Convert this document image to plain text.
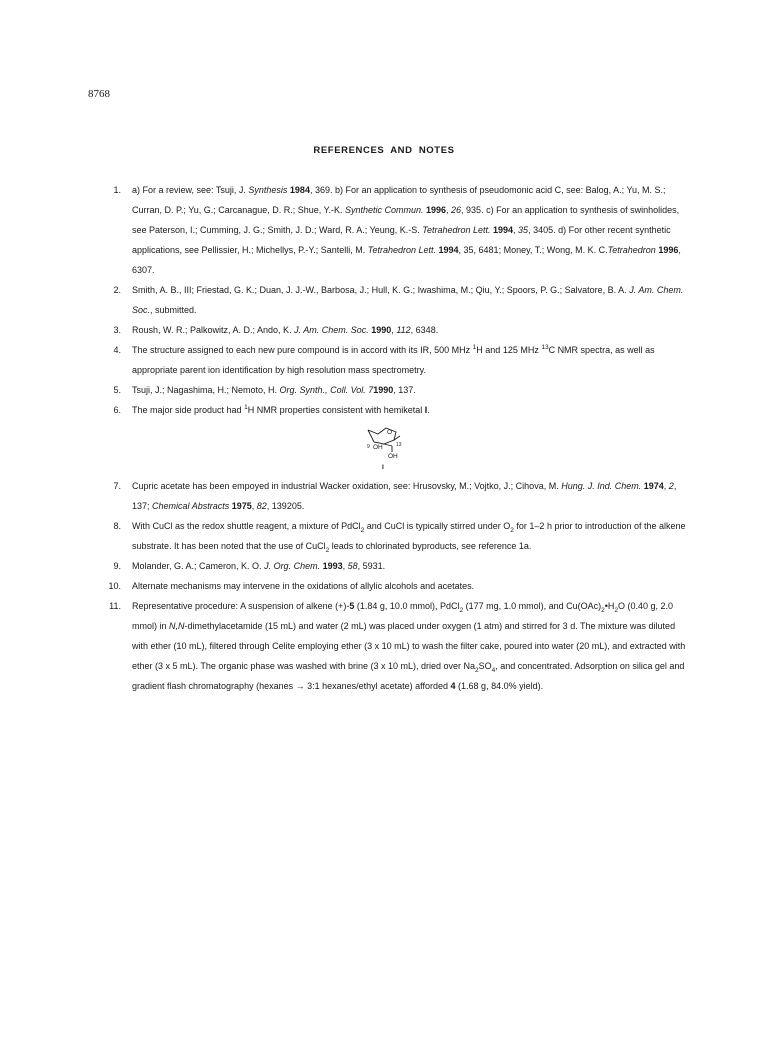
8768
REFERENCES AND NOTES
1. a) For a review, see: Tsuji, J. Synthesis 1984, 369. b) For an application to synthesis of pseudomonic acid C, see: Balog, A.; Yu, M. S.; Curran, D. P.; Yu, G.; Carcanague, D. R.; Shue, Y.-K. Synthetic Commun. 1996, 26, 935. c) For an application to synthesis of swinholides, see Paterson, I.; Cumming, J. G.; Smith, J. D.; Ward, R. A.; Yeung, K.-S. Tetrahedron Lett. 1994, 35, 3405. d) For other recent synthetic applications, see Pellissier, H.; Michellys, P.-Y.; Santelli, M. Tetrahedron Lett. 1994, 35, 6481; Money, T.; Wong, M. K. C.Tetrahedron 1996, 6307.
2. Smith, A. B., III; Friestad, G. K.; Duan, J. J.-W., Barbosa, J.; Hull, K. G.; Iwashima, M.; Qiu, Y.; Spoors, P. G.; Salvatore, B. A. J. Am. Chem. Soc., submitted.
3. Roush, W. R.; Palkowitz, A. D.; Ando, K. J. Am. Chem. Soc. 1990, 112, 6348.
4. The structure assigned to each new pure compound is in accord with its IR, 500 MHz $^1$H and 125 MHz $^{13}$C NMR spectra, as well as appropriate parent ion identification by high resolution mass spectrometry.
5. Tsuji, J.; Nagashima, H.; Nemoto, H. Org. Synth., Coll. Vol. 71990, 137.
6. The major side product had $^1$H NMR properties consistent with hemiketal I.
O
9 OH	13
OH
I
7. Cupric acetate has been empoyed in industrial Wacker oxidation, see: Hrusovsky, M.; Vojtko, J.; Cihova, M. Hung. J. Ind. Chem. 1974, 2, 137; Chemical Abstracts 1975, 82, 139205.
8. With CuCl as the redox shuttle reagent, a mixture of PdCl$_2$ and CuCl is typically stirred under $O_2$ for 1–2 h prior to introduction of the alkene substrate. It has been noted that the use of CuCl$_2$ leads to chlorinated byproducts, see reference 1a.
9. Molander, G. A.; Cameron, K. O. J. Org. Chem. 1993, 58, 5931.
10. Alternate mechanisms may intervene in the oxidations of allylic alcohols and acetates.
11. Representative procedure: A suspension of alkene (+)-5 (1.84 g, 10.0 mmol), PdCl$_2$ (177 mg, 1.0 mmol), and $Cu(OAc)_2•H_2O$ (0.40 g, 2.0 mmol) in N,N-dimethylacetamide (15 mL) and water (2 mL) was placed under oxygen (1 atm) and stirred for 3 d. The mixture was diluted with ether (10 mL), filtered through Celite employing ether (3 x 10 mL) to wash the filter cake, poured into water (20 mL), and extracted with ether (3 x 5 mL). The organic phase was washed with brine (3 x 10 mL), dried over $Na_2SO_4$, and concentrated. Adsorption on silica gel and gradient flash chromatography (hexanes → 3:1 hexanes/ethyl acetate) afforded 4 (1.68 g, 84.0% yield).
